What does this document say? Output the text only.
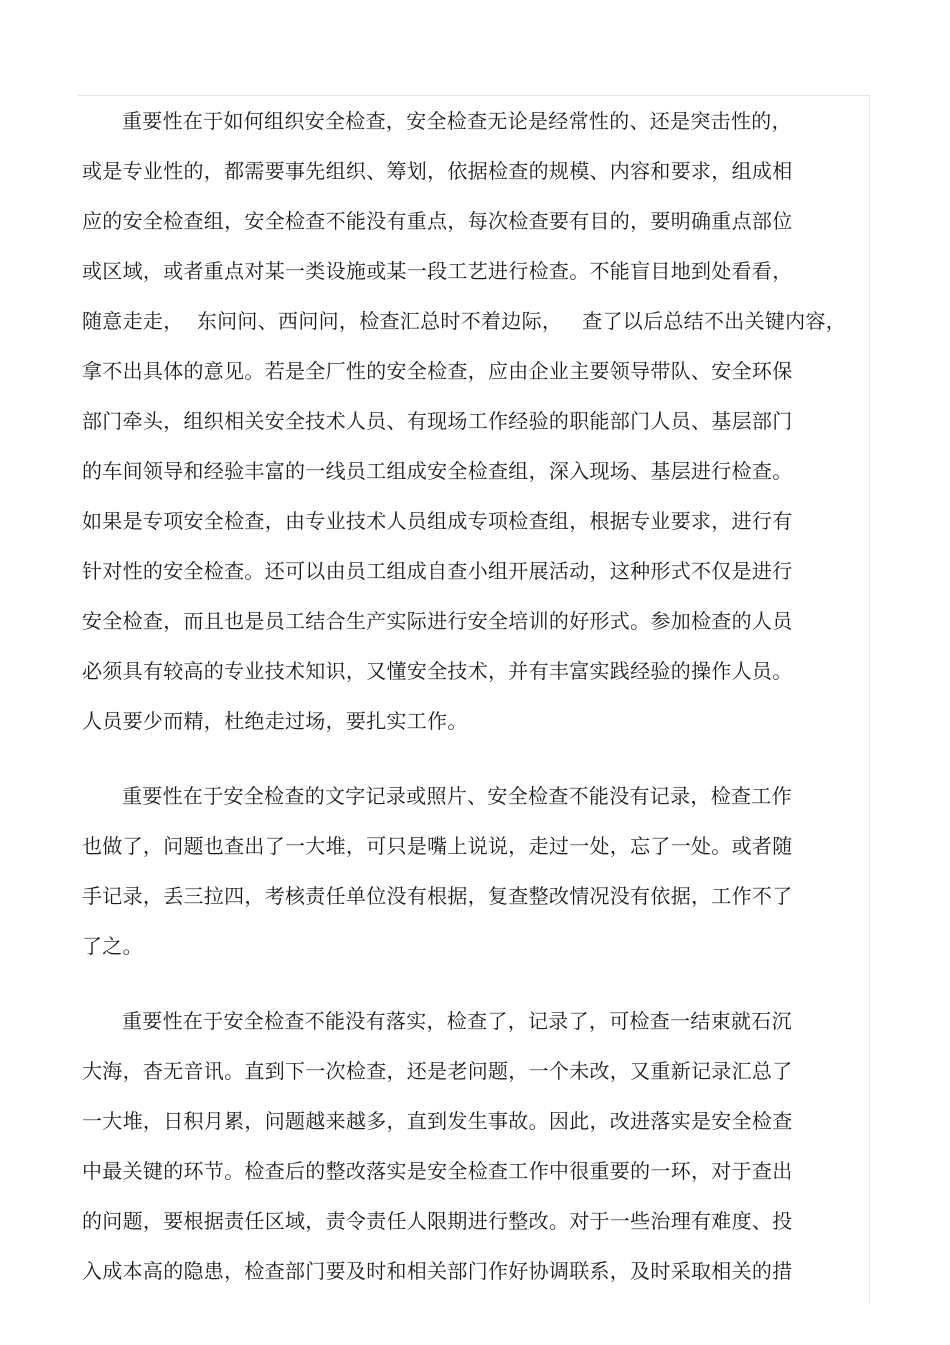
重要性在于如何组织安全检查，安全检查无论是经常性的、还是突击性的，
或是专业性的，都需要事先组织、筹划，依据检查的规模、内容和要求，组成相
应的安全检查组，安全检查不能没有重点，每次检查要有目的，要明确重点部位
或区域，或者重点对某一类设施或某一段工艺进行检查。不能盲目地到处看看，
随意走走，  东问问、西问问，检查汇总时不着边际，   查了以后总结不出关键内容，
拿不出具体的意见。若是全厂性的安全检查，应由企业主要领导带队、安全环保
部门牵头，组织相关安全技术人员、有现场工作经验的职能部门人员、基层部门
的车间领导和经验丰富的一线员工组成安全检查组，深入现场、基层进行检查。
如果是专项安全检查，由专业技术人员组成专项检查组，根据专业要求，进行有
针对性的安全检查。还可以由员工组成自查小组开展活动，这种形式不仅是进行
安全检查，而且也是员工结合生产实际进行安全培训的好形式。参加检查的人员
必须具有较高的专业技术知识，又懂安全技术，并有丰富实践经验的操作人员。
人员要少而精，杜绝走过场，要扎实工作。
重要性在于安全检查的文字记录或照片、安全检查不能没有记录，检查工作
也做了，问题也查出了一大堆，可只是嘴上说说，走过一处，忘了一处。或者随
手记录，丢三拉四，考核责任单位没有根据，复查整改情况没有依据，工作不了
了之。
重要性在于安全检查不能没有落实，检查了，记录了，可检查一结束就石沉
大海，杳无音讯。直到下一次检查，还是老问题，一个未改，又重新记录汇总了
一大堆，日积月累，问题越来越多，直到发生事故。因此，改进落实是安全检查
中最关键的环节。检查后的整改落实是安全检查工作中很重要的一环，对于查出
的问题，要根据责任区域，责令责任人限期进行整改。对于一些治理有难度、投
入成本高的隐患，检查部门要及时和相关部门作好协调联系，及时采取相关的措
